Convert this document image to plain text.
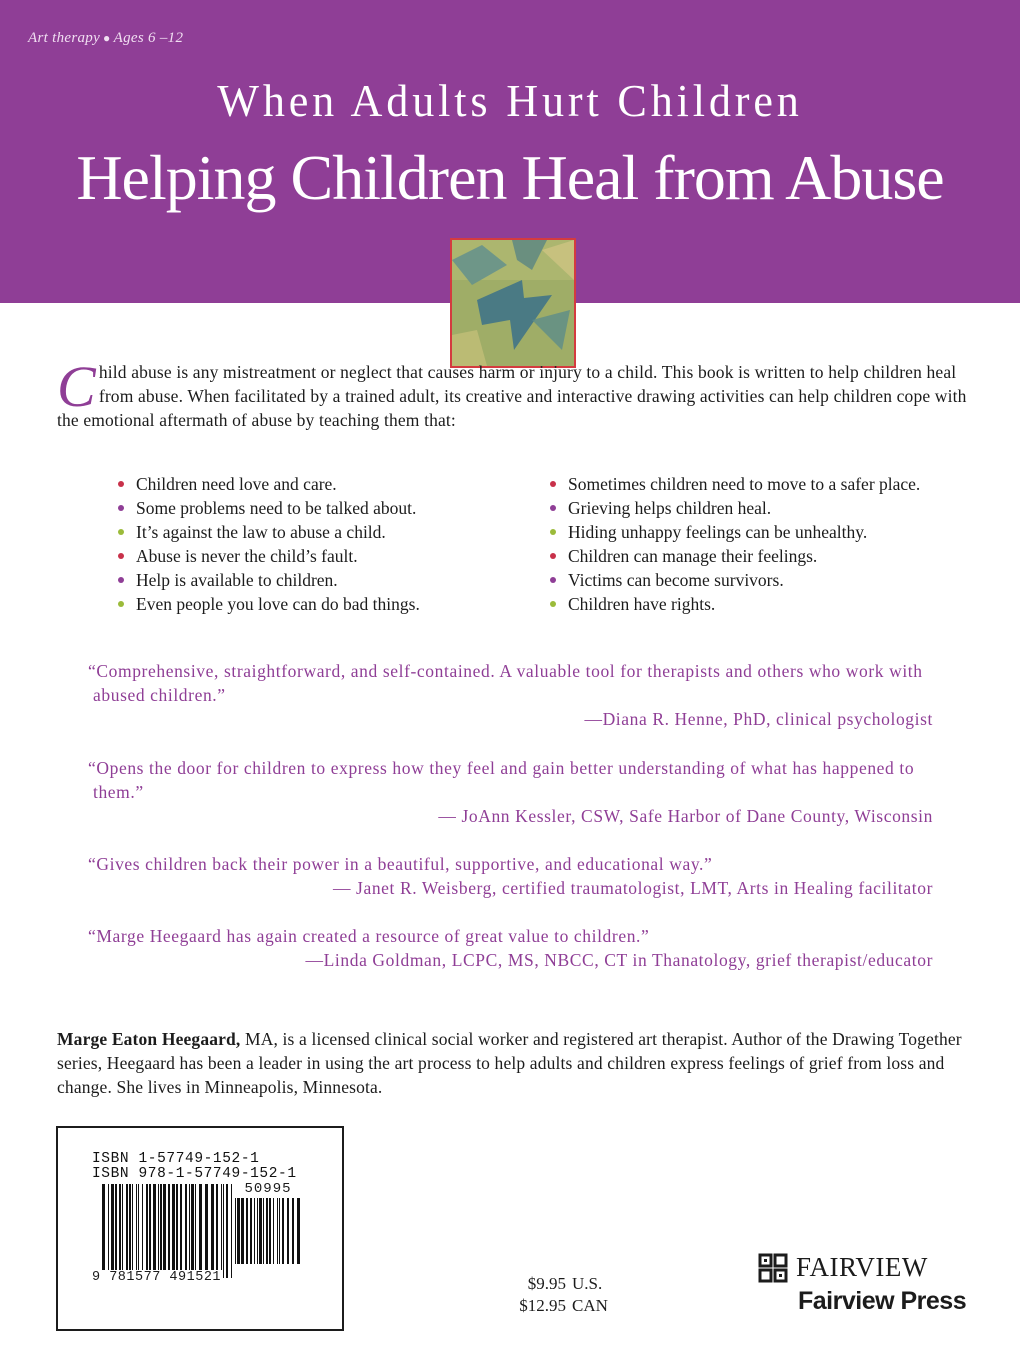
Art therapy ● Ages 6 –12
When Adults Hurt Children
Helping Children Heal from Abuse
Child abuse is any mistreatment or neglect that causes harm or injury to a child. This book is written to help children heal from abuse. When facilitated by a trained adult, its creative and interactive drawing activities can help children cope with the emotional aftermath of abuse by teaching them that:
Children need love and care.
Some problems need to be talked about.
It’s against the law to abuse a child.
Abuse is never the child’s fault.
Help is available to children.
Even people you love can do bad things.
Sometimes children need to move to a safer place.
Grieving helps children heal.
Hiding unhappy feelings can be unhealthy.
Children can manage their feelings.
Victims can become survivors.
Children have rights.
“Comprehensive, straightforward, and self-contained. A valuable tool for therapists and others who work with abused children.”
—Diana R. Henne, PhD, clinical psychologist
“Opens the door for children to express how they feel and gain better understanding of what has happened to them.”
— JoAnn Kessler, CSW, Safe Harbor of Dane County, Wisconsin
“Gives children back their power in a beautiful, supportive, and educational way.”
— Janet R. Weisberg, certified traumatologist, LMT, Arts in Healing facilitator
“Marge Heegaard has again created a resource of great value to children.”
—Linda Goldman, LCPC, MS, NBCC, CT in Thanatology, grief therapist/educator
Marge Eaton Heegaard, MA, is a licensed clinical social worker and registered art therapist. Author of the Drawing Together series, Heegaard has been a leader in using the art process to help adults and children express feelings of grief from loss and change. She lives in Minneapolis, Minnesota.
ISBN 1-57749-152-1
ISBN 978-1-57749-152-1
50995
9 781577 491521	$9.95 U.S.
$12.95 CAN
FAIRVIEW
Fairview Press
